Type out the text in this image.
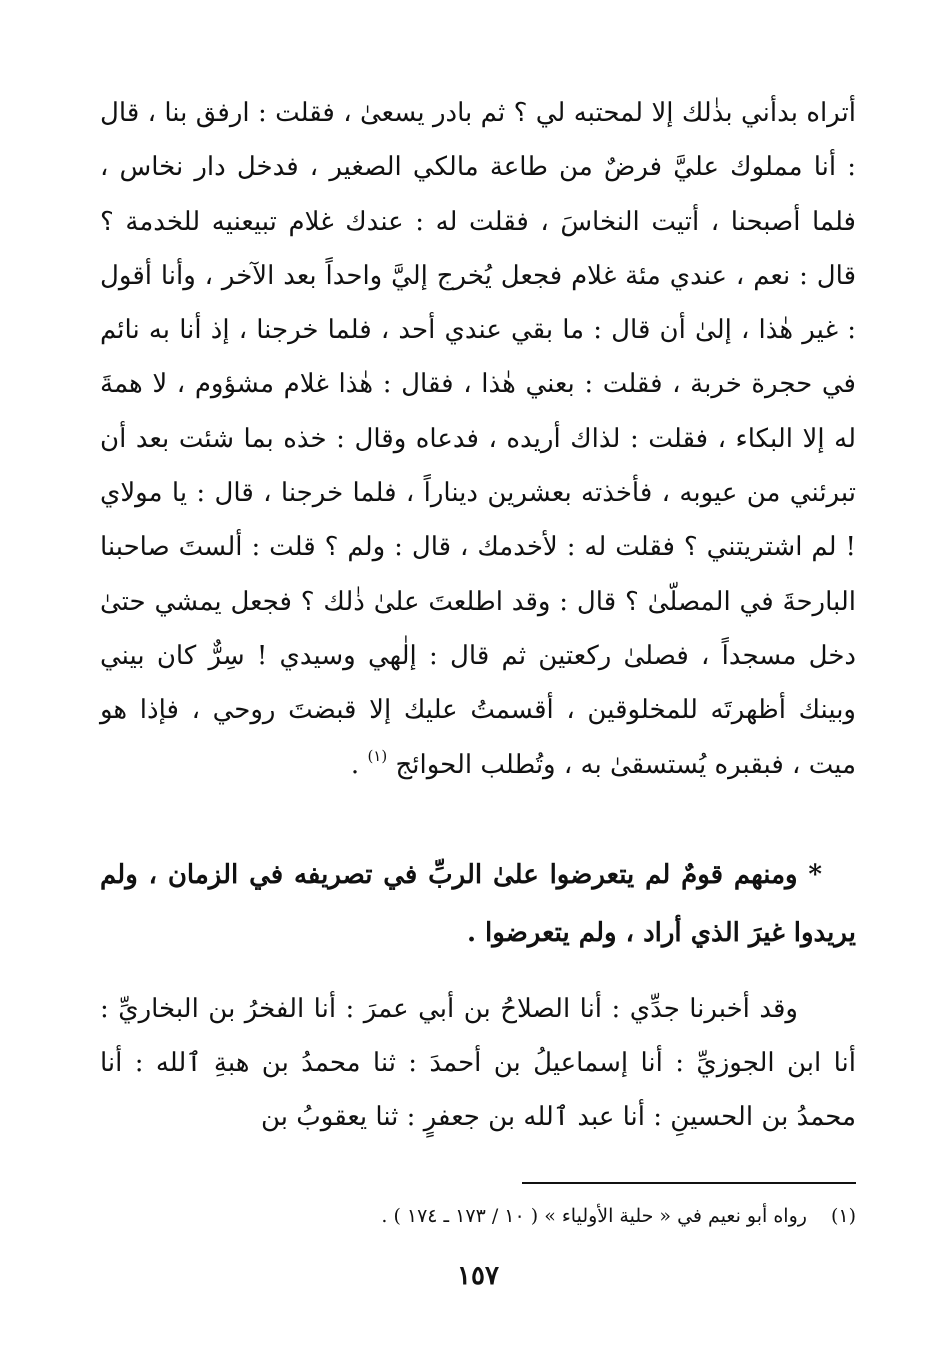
أتراه بدأني بذٰلك إلا لمحتبه لي ؟ ثم بادر يسعىٰ ، فقلت : ارفق بنا ، قال : أنا مملوك عليَّ فرضٌ من طاعة مالكي الصغير ، فدخل دار نخاس ، فلما أصبحنا ، أتيت النخاسَ ، فقلت له : عندك غلام تبيعنيه للخدمة ؟ قال : نعم ، عندي مئة غلام فجعل يُخرج إليَّ واحداً بعد الآخر ، وأنا أقول : غير هٰذا ، إلىٰ أن قال : ما بقي عندي أحد ، فلما خرجنا ، إذ أنا به نائم في حجرة خربة ، فقلت : بعني هٰذا ، فقال : هٰذا غلام مشؤوم ، لا همةَ له إلا البكاء ، فقلت : لذاك أريده ، فدعاه وقال : خذه بما شئت بعد أن تبرئني من عيوبه ، فأخذته بعشرين ديناراً ، فلما خرجنا ، قال : يا مولاي ! لم اشتريتني ؟ فقلت له : لأخدمك ، قال : ولم ؟ قلت : ألستَ صاحبنا البارحةَ في المصلّىٰ ؟ قال : وقد اطلعتَ علىٰ ذٰلك ؟ فجعل يمشي حتىٰ دخل مسجداً ، فصلىٰ ركعتين ثم قال : إلٰهي وسيدي ! سِرٌّ كان بيني وبينك أظهرتَه للمخلوقين ، أقسمتُ عليك إلا قبضتَ روحي ، فإذا هو ميت ، فبقبره يُستسقىٰ به ، وتُطلب الحوائج $^{(١)}$ .

* ومنهم قومٌ لم يتعرضوا علىٰ الربِّ في تصريفه في الزمان ، ولم يريدوا غيرَ الذي أراد ، ولم يتعرضوا .

وقد أخبرنا جدِّي : أنا الصلاحُ بن أبي عمرَ : أنا الفخرُ بن البخاريِّ : أنا ابن الجوزيِّ : أنا إسماعيلُ بن أحمدَ : ثنا محمدُ بن هبةِ ٱلله : أنا محمدُ بن الحسينِ : أنا عبد ٱلله بن جعفرٍ : ثنا يعقوبُ بن

(١)رواه أبو نعيم في « حلية الأولياء » ( ١٠ / ١٧٣ ـ ١٧٤ ) .

١٥٧
